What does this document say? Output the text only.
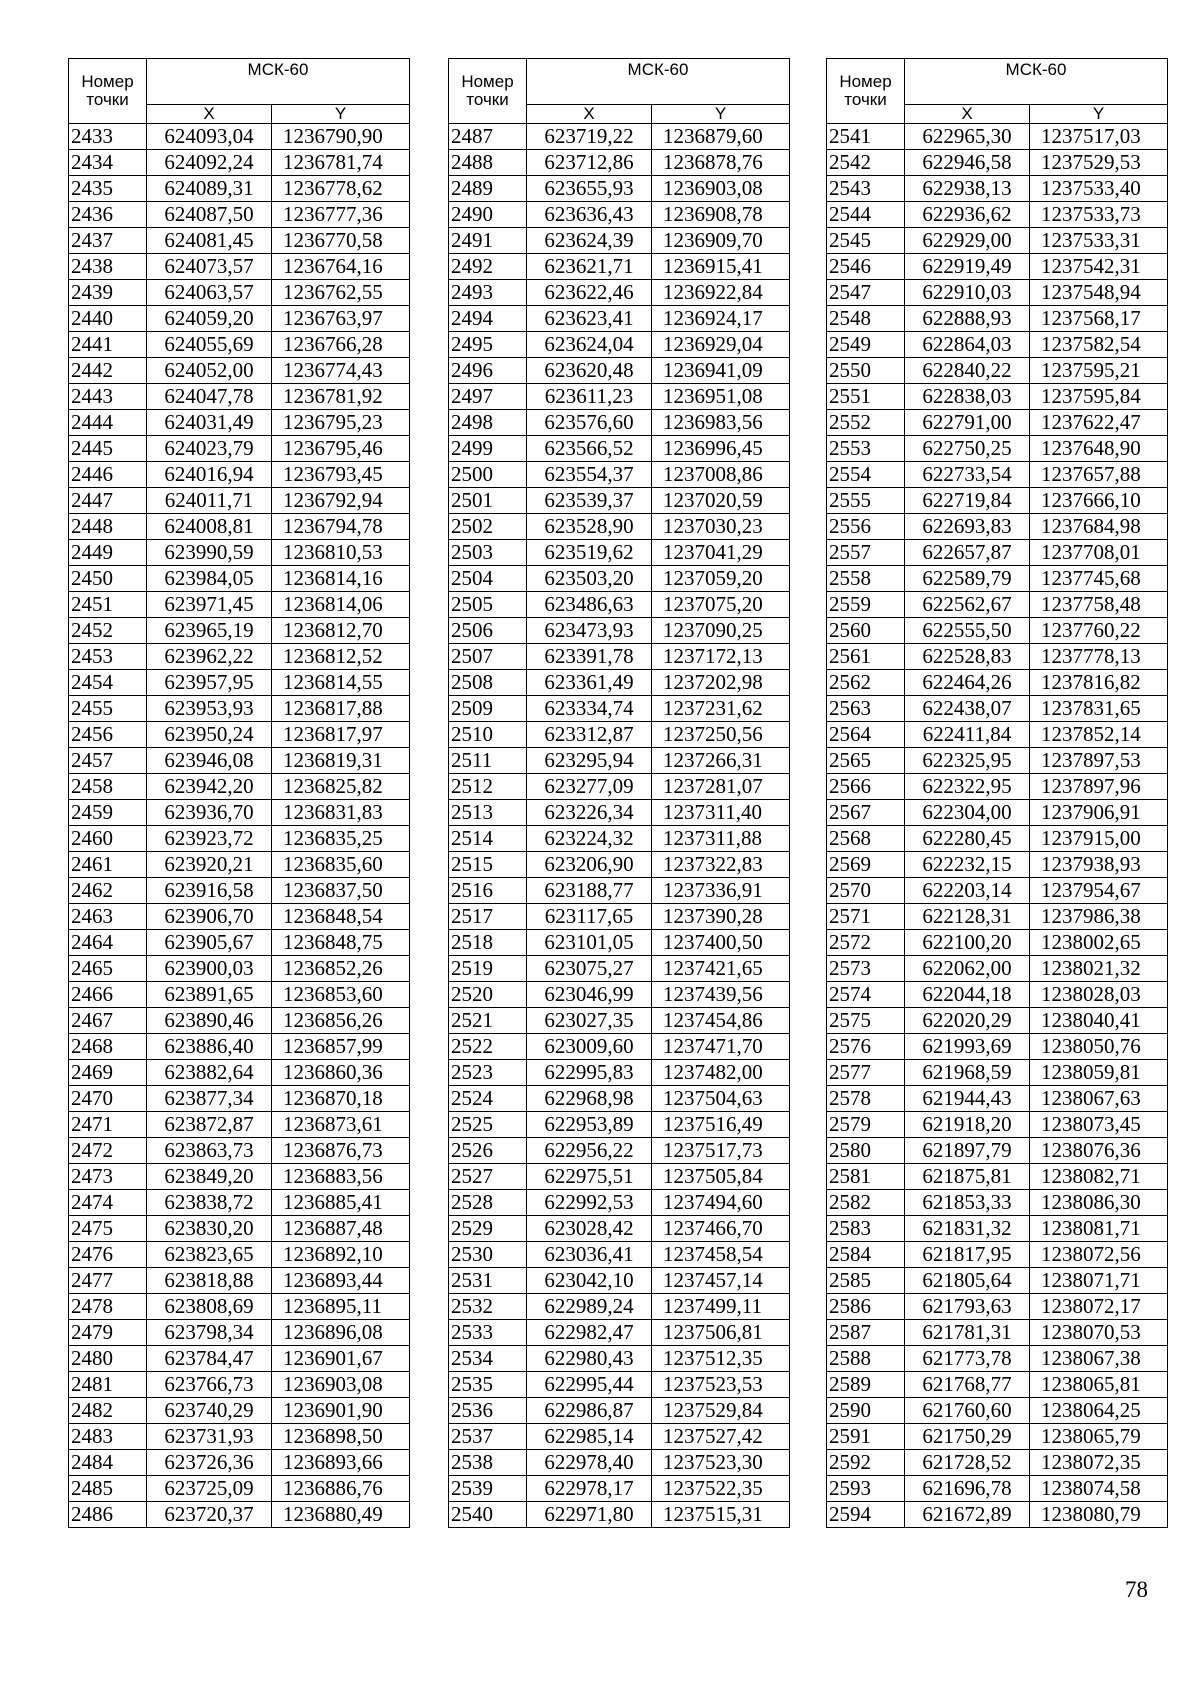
Номер точки	МСК-60	
	X	Y
2433	624093,04	1236790,90
2434	624092,24	1236781,74
2435	624089,31	1236778,62
2436	624087,50	1236777,36
2437	624081,45	1236770,58
2438	624073,57	1236764,16
2439	624063,57	1236762,55
2440	624059,20	1236763,97
2441	624055,69	1236766,28
2442	624052,00	1236774,43
2443	624047,78	1236781,92
2444	624031,49	1236795,23
2445	624023,79	1236795,46
2446	624016,94	1236793,45
2447	624011,71	1236792,94
2448	624008,81	1236794,78
2449	623990,59	1236810,53
2450	623984,05	1236814,16
2451	623971,45	1236814,06
2452	623965,19	1236812,70
2453	623962,22	1236812,52
2454	623957,95	1236814,55
2455	623953,93	1236817,88
2456	623950,24	1236817,97
2457	623946,08	1236819,31
2458	623942,20	1236825,82
2459	623936,70	1236831,83
2460	623923,72	1236835,25
2461	623920,21	1236835,60
2462	623916,58	1236837,50
2463	623906,70	1236848,54
2464	623905,67	1236848,75
2465	623900,03	1236852,26
2466	623891,65	1236853,60
2467	623890,46	1236856,26
2468	623886,40	1236857,99
2469	623882,64	1236860,36
2470	623877,34	1236870,18
2471	623872,87	1236873,61
2472	623863,73	1236876,73
2473	623849,20	1236883,56
2474	623838,72	1236885,41
2475	623830,20	1236887,48
2476	623823,65	1236892,10
2477	623818,88	1236893,44
2478	623808,69	1236895,11
2479	623798,34	1236896,08
2480	623784,47	1236901,67
2481	623766,73	1236903,08
2482	623740,29	1236901,90
2483	623731,93	1236898,50
2484	623726,36	1236893,66
2485	623725,09	1236886,76
2486	623720,37	1236880,49
Номер точки	МСК-60	
	X	Y
2487	623719,22	1236879,60
2488	623712,86	1236878,76
2489	623655,93	1236903,08
2490	623636,43	1236908,78
2491	623624,39	1236909,70
2492	623621,71	1236915,41
2493	623622,46	1236922,84
2494	623623,41	1236924,17
2495	623624,04	1236929,04
2496	623620,48	1236941,09
2497	623611,23	1236951,08
2498	623576,60	1236983,56
2499	623566,52	1236996,45
2500	623554,37	1237008,86
2501	623539,37	1237020,59
2502	623528,90	1237030,23
2503	623519,62	1237041,29
2504	623503,20	1237059,20
2505	623486,63	1237075,20
2506	623473,93	1237090,25
2507	623391,78	1237172,13
2508	623361,49	1237202,98
2509	623334,74	1237231,62
2510	623312,87	1237250,56
2511	623295,94	1237266,31
2512	623277,09	1237281,07
2513	623226,34	1237311,40
2514	623224,32	1237311,88
2515	623206,90	1237322,83
2516	623188,77	1237336,91
2517	623117,65	1237390,28
2518	623101,05	1237400,50
2519	623075,27	1237421,65
2520	623046,99	1237439,56
2521	623027,35	1237454,86
2522	623009,60	1237471,70
2523	622995,83	1237482,00
2524	622968,98	1237504,63
2525	622953,89	1237516,49
2526	622956,22	1237517,73
2527	622975,51	1237505,84
2528	622992,53	1237494,60
2529	623028,42	1237466,70
2530	623036,41	1237458,54
2531	623042,10	1237457,14
2532	622989,24	1237499,11
2533	622982,47	1237506,81
2534	622980,43	1237512,35
2535	622995,44	1237523,53
2536	622986,87	1237529,84
2537	622985,14	1237527,42
2538	622978,40	1237523,30
2539	622978,17	1237522,35
2540	622971,80	1237515,31
Номер точки	МСК-60	
	X	Y
2541	622965,30	1237517,03
2542	622946,58	1237529,53
2543	622938,13	1237533,40
2544	622936,62	1237533,73
2545	622929,00	1237533,31
2546	622919,49	1237542,31
2547	622910,03	1237548,94
2548	622888,93	1237568,17
2549	622864,03	1237582,54
2550	622840,22	1237595,21
2551	622838,03	1237595,84
2552	622791,00	1237622,47
2553	622750,25	1237648,90
2554	622733,54	1237657,88
2555	622719,84	1237666,10
2556	622693,83	1237684,98
2557	622657,87	1237708,01
2558	622589,79	1237745,68
2559	622562,67	1237758,48
2560	622555,50	1237760,22
2561	622528,83	1237778,13
2562	622464,26	1237816,82
2563	622438,07	1237831,65
2564	622411,84	1237852,14
2565	622325,95	1237897,53
2566	622322,95	1237897,96
2567	622304,00	1237906,91
2568	622280,45	1237915,00
2569	622232,15	1237938,93
2570	622203,14	1237954,67
2571	622128,31	1237986,38
2572	622100,20	1238002,65
2573	622062,00	1238021,32
2574	622044,18	1238028,03
2575	622020,29	1238040,41
2576	621993,69	1238050,76
2577	621968,59	1238059,81
2578	621944,43	1238067,63
2579	621918,20	1238073,45
2580	621897,79	1238076,36
2581	621875,81	1238082,71
2582	621853,33	1238086,30
2583	621831,32	1238081,71
2584	621817,95	1238072,56
2585	621805,64	1238071,71
2586	621793,63	1238072,17
2587	621781,31	1238070,53
2588	621773,78	1238067,38
2589	621768,77	1238065,81
2590	621760,60	1238064,25
2591	621750,29	1238065,79
2592	621728,52	1238072,35
2593	621696,78	1238074,58
2594	621672,89	1238080,79
78
